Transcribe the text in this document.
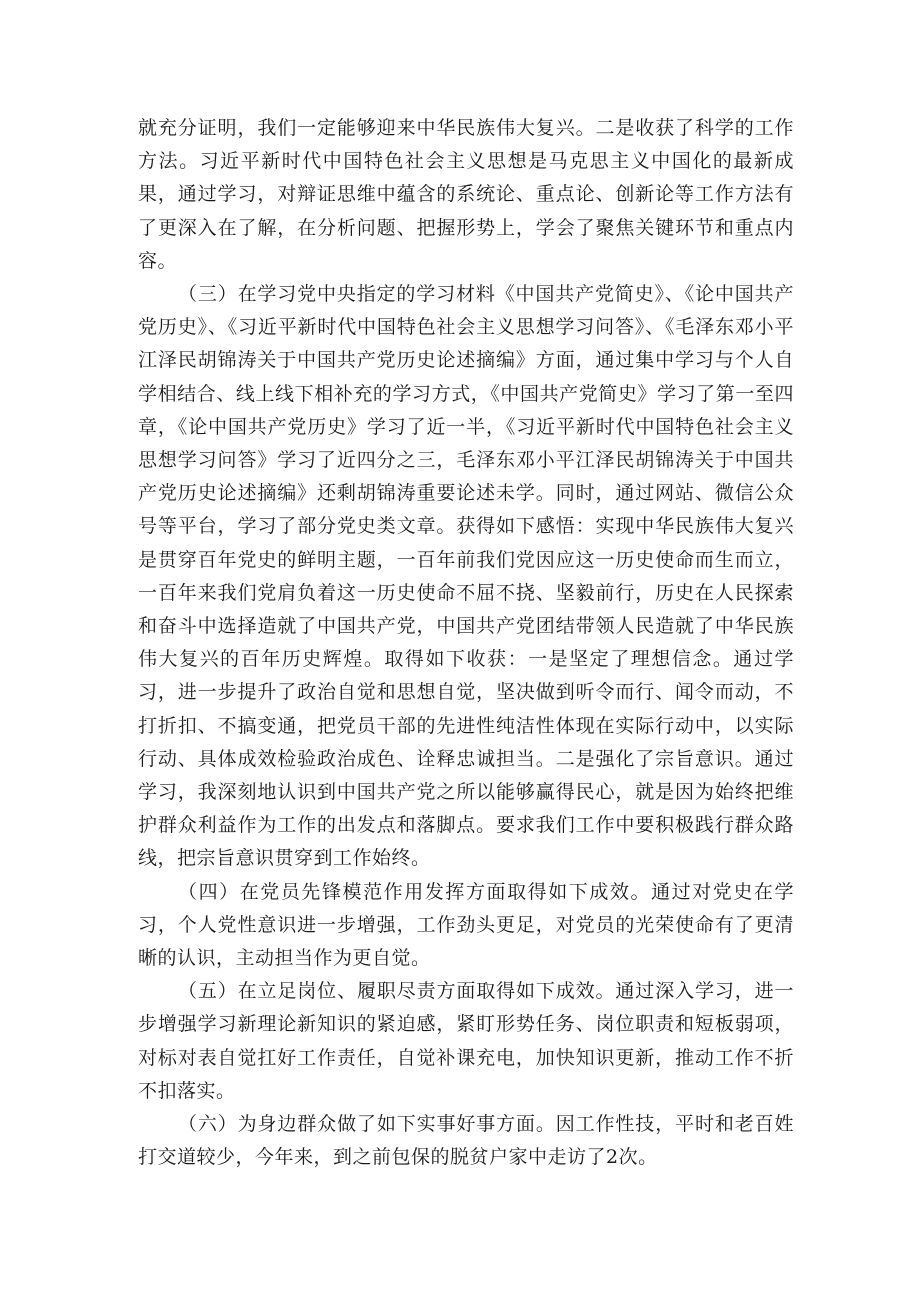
就充分证明，我们一定能够迎来中华民族伟大复兴。二是收获了科学的工作方法。习近平新时代中国特色社会主义思想是马克思主义中国化的最新成果，通过学习，对辩证思维中蕴含的系统论、重点论、创新论等工作方法有了更深入在了解，在分析问题、把握形势上，学会了聚焦关键环节和重点内容。

（三）在学习党中央指定的学习材料《中国共产党简史》、《论中国共产党历史》、《习近平新时代中国特色社会主义思想学习问答》、《毛泽东邓小平江泽民胡锦涛关于中国共产党历史论述摘编》方面，通过集中学习与个人自学相结合、线上线下相补充的学习方式，《中国共产党简史》学习了第一至四章，《论中国共产党历史》学习了近一半，《习近平新时代中国特色社会主义思想学习问答》学习了近四分之三，毛泽东邓小平江泽民胡锦涛关于中国共产党历史论述摘编》还剩胡锦涛重要论述未学。同时，通过网站、微信公众号等平台，学习了部分党史类文章。获得如下感悟：实现中华民族伟大复兴是贯穿百年党史的鲜明主题，一百年前我们党因应这一历史使命而生而立，一百年来我们党肩负着这一历史使命不屈不挠、坚毅前行，历史在人民探索和奋斗中选择造就了中国共产党，中国共产党团结带领人民造就了中华民族伟大复兴的百年历史辉煌。取得如下收获：一是坚定了理想信念。通过学习，进一步提升了政治自觉和思想自觉，坚决做到听令而行、闻令而动，不打折扣、不搞变通，把党员干部的先进性纯洁性体现在实际行动中，以实际行动、具体成效检验政治成色、诠释忠诚担当。二是强化了宗旨意识。通过学习，我深刻地认识到中国共产党之所以能够赢得民心，就是因为始终把维护群众利益作为工作的出发点和落脚点。要求我们工作中要积极践行群众路线，把宗旨意识贯穿到工作始终。

（四）在党员先锋模范作用发挥方面取得如下成效。通过对党史在学习，个人党性意识进一步增强，工作劲头更足，对党员的光荣使命有了更清晰的认识，主动担当作为更自觉。

（五）在立足岗位、履职尽责方面取得如下成效。通过深入学习，进一步增强学习新理论新知识的紧迫感，紧盯形势任务、岗位职责和短板弱项，对标对表自觉扛好工作责任，自觉补课充电，加快知识更新，推动工作不折不扣落实。

（六）为身边群众做了如下实事好事方面。因工作性技，平时和老百姓打交道较少，今年来，到之前包保的脱贫户家中走访了2次。
